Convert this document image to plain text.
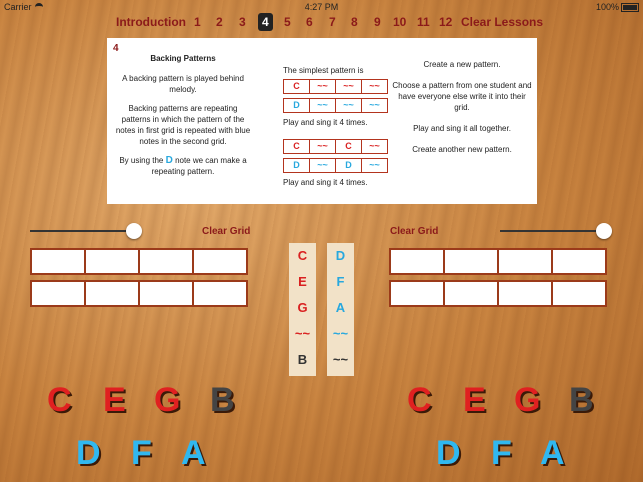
Carrier	4:27 PM	100%
Introduction 1 2 3	4	5 6 7 8 9 10 11 12 Clear Lessons
4
Backing Patterns

A backing pattern is played behind melody.

Backing patterns are repeating patterns in which the pattern of the notes in first grid is repeated with blue notes in the second grid.

By using the D note we can make a repeating pattern.

The simplest pattern is
C	~~	~~	~~
D	~~	~~	~~
Play and sing it 4 times.
C	~~	C	~~
D	~~	D	~~
Play and sing it 4 times.

Create a new pattern.

Choose a pattern from one student and have everyone else write it into their grid.

Play and sing it all together.

Create another new pattern.

Clear Grid	Clear Grid
C
E
G
~~
B
D
F
A
~~
~~
C E G B
D F A
C E G B
D F A
